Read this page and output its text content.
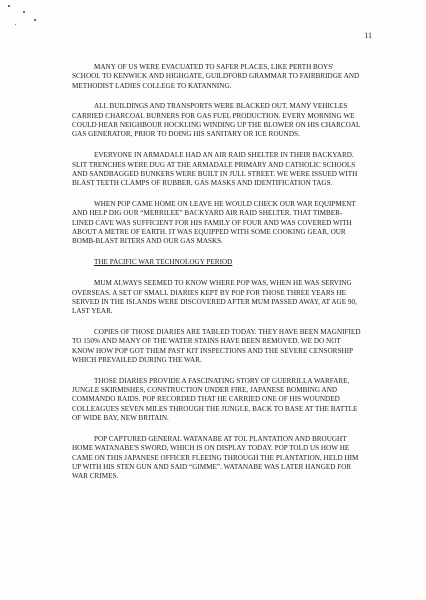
11

MANY OF US WERE EVACUATED TO SAFER PLACES, LIKE PERTH BOYS' SCHOOL TO KENWICK AND HIGHGATE, GUILDFORD GRAMMAR TO FAIRBRIDGE AND METHODIST LADIES COLLEGE TO KATANNING.

ALL BUILDINGS AND TRANSPORTS WERE BLACKED OUT. MANY VEHICLES CARRIED CHARCOAL BURNERS FOR GAS FUEL PRODUCTION. EVERY MORNING WE COULD HEAR NEIGHBOUR HOCKLING WINDING UP THE BLOWER ON HIS CHARCOAL GAS GENERATOR, PRIOR TO DOING HIS SANITARY OR ICE ROUNDS.

EVERYONE IN ARMADALE HAD AN AIR RAID SHELTER IN THEIR BACKYARD. SLIT TRENCHES WERE DUG AT THE ARMADALE PRIMARY AND CATHOLIC SCHOOLS AND SANDBAGGED BUNKERS WERE BUILT IN JULL STREET. WE WERE ISSUED WITH BLAST TEETH CLAMPS OF RUBBER, GAS MASKS AND IDENTIFICATION TAGS.

WHEN POP CAME HOME ON LEAVE HE WOULD CHECK OUR WAR EQUIPMENT AND HELP DIG OUR “MERRILEE” BACKYARD AIR RAID SHELTER. THAT TIMBER-LINED CAVE WAS SUFFICIENT FOR HIS FAMILY OF FOUR AND WAS COVERED WITH ABOUT A METRE OF EARTH. IT WAS EQUIPPED WITH SOME COOKING GEAR, OUR BOMB-BLAST BITERS AND OUR GAS MASKS.

THE PACIFIC WAR TECHNOLOGY PERIOD

MUM ALWAYS SEEMED TO KNOW WHERE POP WAS, WHEN HE WAS SERVING OVERSEAS. A SET OF SMALL DIARIES KEPT BY POP FOR THOSE THREE YEARS HE SERVED IN THE ISLANDS WERE DISCOVERED AFTER MUM PASSED AWAY, AT AGE 90, LAST YEAR.

COPIES OF THOSE DIARIES ARE TABLED TODAY. THEY HAVE BEEN MAGNIFIED TO 150% AND MANY OF THE WATER STAINS HAVE BEEN REMOVED. WE DO NOT KNOW HOW POP GOT THEM PAST KIT INSPECTIONS AND THE SEVERE CENSORSHIP WHICH PREVAILED DURING THE WAR.

THOSE DIARIES PROVIDE A FASCINATING STORY OF GUERRILLA WARFARE, JUNGLE SKIRMISHES, CONSTRUCTION UNDER FIRE, JAPANESE BOMBING AND COMMANDO RAIDS. POP RECORDED THAT HE CARRIED ONE OF HIS WOUNDED COLLEAGUES SEVEN MILES THROUGH THE JUNGLE, BACK TO BASE AT THE BATTLE OF WIDE BAY, NEW BRITAIN.

POP CAPTURED GENERAL WATANABE AT TOL PLANTATION AND BROUGHT HOME WATANABE'S SWORD, WHICH IS ON DISPLAY TODAY. POP TOLD US HOW HE CAME ON THIS JAPANESE OFFICER FLEEING THROUGH THE PLANTATION, HELD HIM UP WITH HIS STEN GUN AND SAID “GIMME”. WATANABE WAS LATER HANGED FOR WAR CRIMES.
